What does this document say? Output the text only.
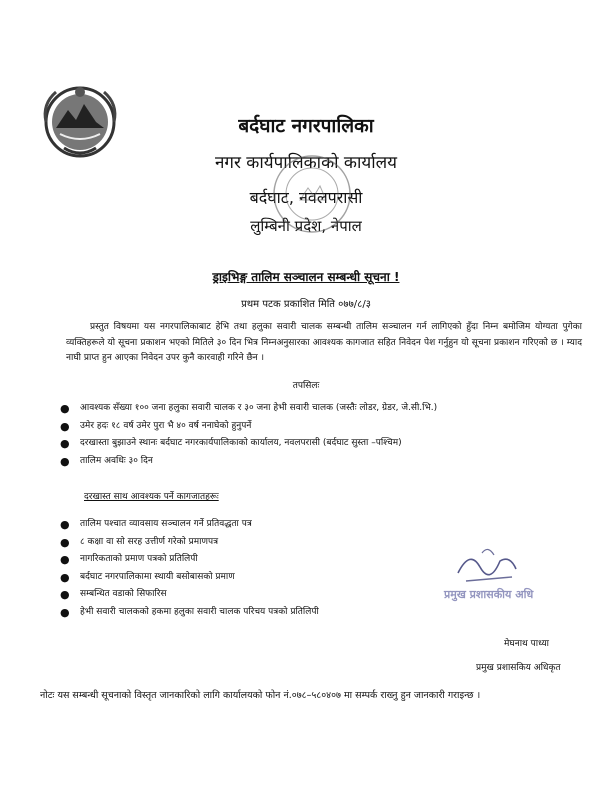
बर्दघाट नगरपालिका
नगर कार्यपालिकाको कार्यालय
बर्दघाट, नवलपरासी
लुम्बिनी प्रदेश, नेपाल
ड्राइभिङ्ग तालिम सञ्चालन सम्बन्धी सूचना !
प्रथम पटक प्रकाशित मिति ०७७/८/३
प्रस्तुत विषयमा यस नगरपालिकाबाट हेभि तथा हलुका सवारी चालक सम्बन्धी तालिम सञ्चालन गर्न लागिएको हुँदा निम्न बमोजिम योग्यता पुगेका व्यक्तिहरूले यो सूचना प्रकाशन भएको मितिले ३० दिन भित्र निम्नअनुसारका आवश्यक कागजात सहित निवेदन पेश गर्नुहुन यो सूचना प्रकाशन गरिएको छ । म्याद नाघी प्राप्त हुन आएका निवेदन उपर कुनै कारवाही गरिने छैन ।
तपसिलः
● आवश्यक सँख्या १०० जना हलुका सवारी चालक र ३० जना हेभी सवारी चालक (जस्तैः लोडर, ग्रेडर, जे.सी.भि.)
● उमेर हदः १८ वर्ष उमेर पुरा भै ४० वर्ष ननाघेको हुनुपर्ने
● दरखास्ता बुझाउने स्थानः बर्दघाट नगरकार्यपालिकाको कार्यालय, नवलपरासी (बर्दघाट सुस्ता –पश्चिम)
● तालिम अवधिः ३० दिन
दरखास्त साथ आवश्यक पर्ने कागजातहरूः
● तालिम पश्चात व्यावसाय सञ्चालन गर्ने प्रतिवद्धता पत्र
● ८ कक्षा वा सो सरह उत्तीर्ण गरेको प्रमाणपत्र
● नागरिकताको प्रमाण पत्रको प्रतिलिपी
● बर्दघाट नगरपालिकामा स्थायी बसोबासको प्रमाण
● सम्बन्धित वडाको सिफारिस
● हेभी सवारी चालकको हकमा हलुका सवारी चालक परिचय पत्रको प्रतिलिपी
प्रमुख प्रशासकीय अधि
मेघनाथ पाध्या
प्रमुख प्रशासकिय अधिकृत
नोटः यस सम्बन्धी सूचनाको विस्तृत जानकारिको लागि कार्यालयको फोन नं.०७८–५८०४०७ मा सम्पर्क राख्नु हुन जानकारी गराइन्छ ।
